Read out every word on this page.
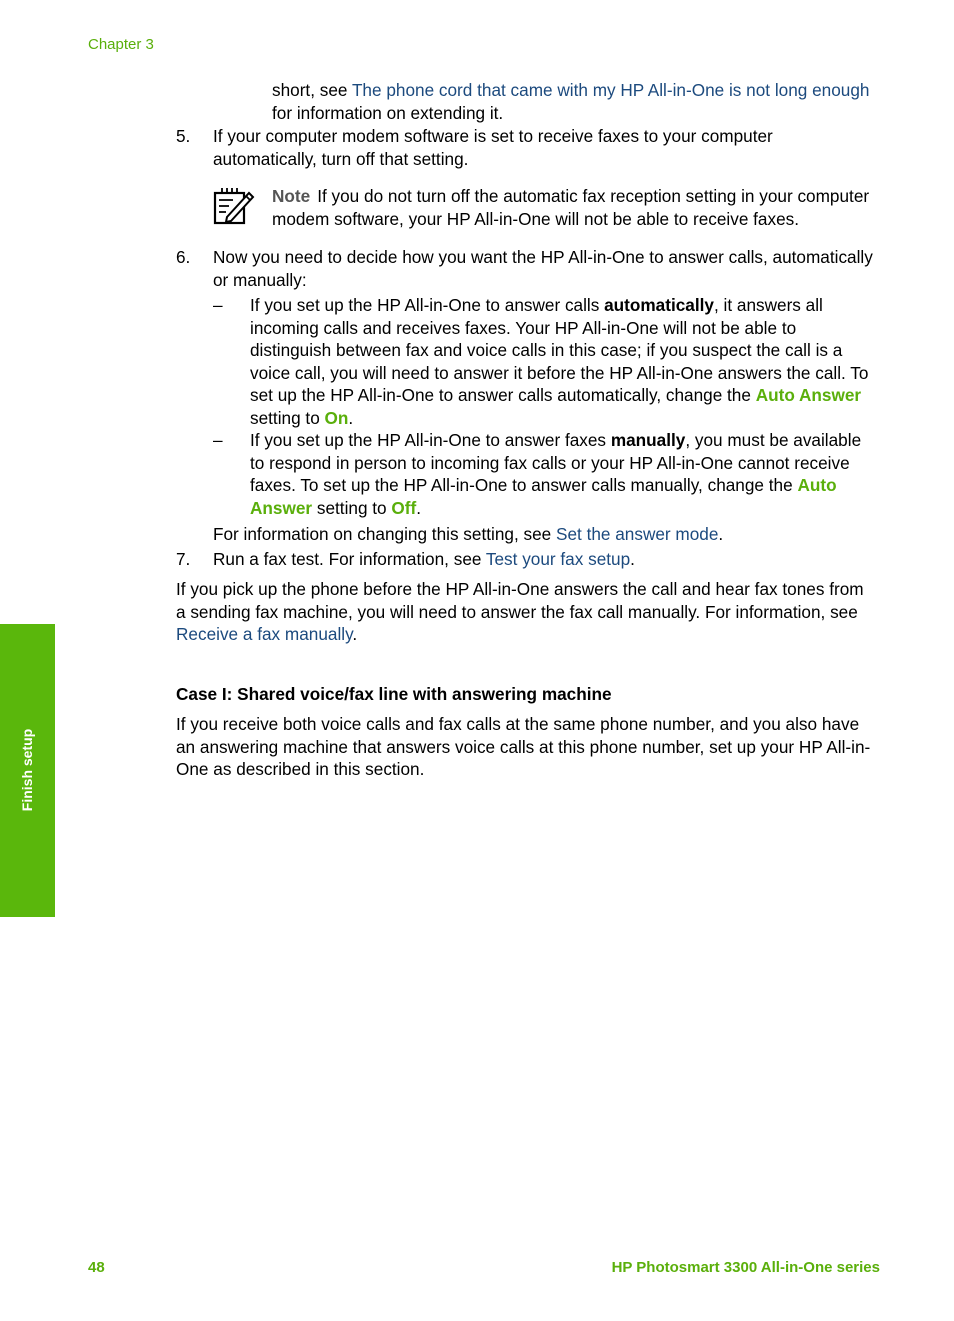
Chapter 3
Finish setup

short, see The phone cord that came with my HP All-in-One is not long enough for information on extending it.

5. If your computer modem software is set to receive faxes to your computer automatically, turn off that setting.

Note If you do not turn off the automatic fax reception setting in your computer modem software, your HP All-in-One will not be able to receive faxes.

6. Now you need to decide how you want the HP All-in-One to answer calls, automatically or manually:

– If you set up the HP All-in-One to answer calls automatically, it answers all incoming calls and receives faxes. Your HP All-in-One will not be able to distinguish between fax and voice calls in this case; if you suspect the call is a voice call, you will need to answer it before the HP All-in-One answers the call. To set up the HP All-in-One to answer calls automatically, change the Auto Answer setting to On.

– If you set up the HP All-in-One to answer faxes manually, you must be available to respond in person to incoming fax calls or your HP All-in-One cannot receive faxes. To set up the HP All-in-One to answer calls manually, change the Auto Answer setting to Off.

For information on changing this setting, see Set the answer mode.

7. Run a fax test. For information, see Test your fax setup.

If you pick up the phone before the HP All-in-One answers the call and hear fax tones from a sending fax machine, you will need to answer the fax call manually. For information, see Receive a fax manually.

Case I: Shared voice/fax line with answering machine

If you receive both voice calls and fax calls at the same phone number, and you also have an answering machine that answers voice calls at this phone number, set up your HP All-in-One as described in this section.

48	HP Photosmart 3300 All-in-One series
